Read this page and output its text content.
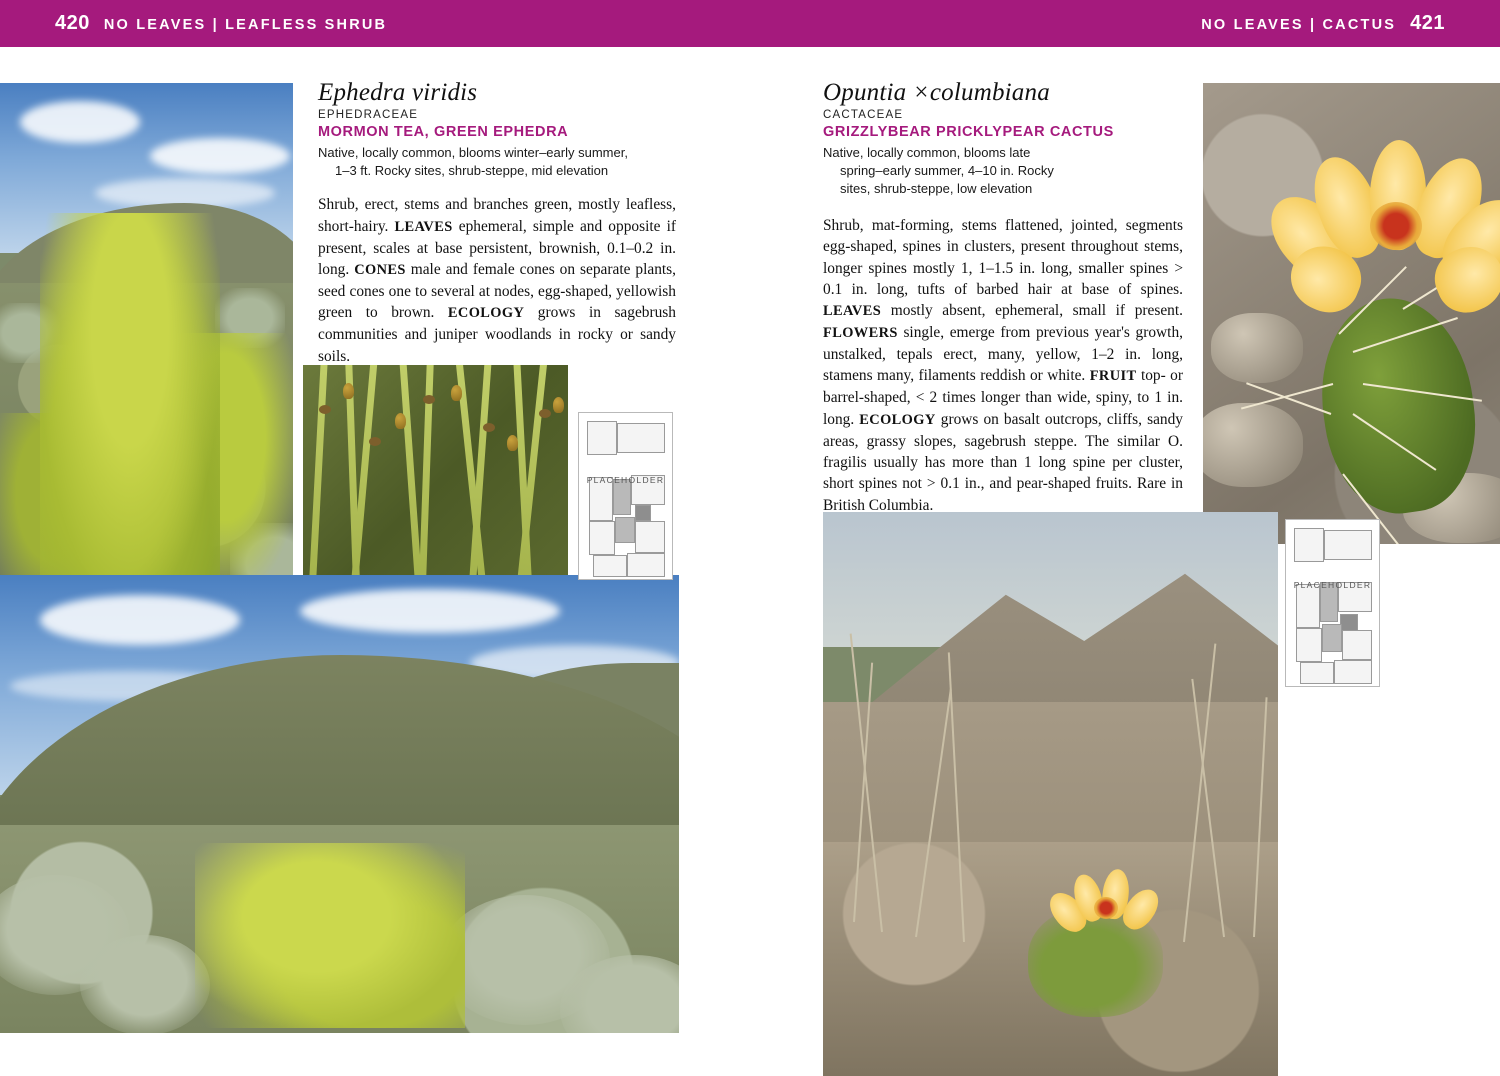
420 NO LEAVES | LEAFLESS SHRUB	NO LEAVES | CACTUS 421
PLACEHOLDER
PLACEHOLDER
Ephedra viridis
EPHEDRACEAE
MORMON TEA, GREEN EPHEDRA
Native, locally common, blooms winter–early summer,
1–3 ft. Rocky sites, shrub-steppe, mid elevation
Shrub, erect, stems and branches green, mostly leafless, short-hairy. LEAVES ephemeral, simple and opposite if present, scales at base persistent, brownish, 0.1–0.2 in. long. CONES male and female cones on separate plants, seed cones one to several at nodes, egg-shaped, yellowish green to brown. ECOLOGY grows in sagebrush communities and juniper woodlands in rocky or sandy soils.
Opuntia ×columbiana
CACTACEAE
GRIZZLYBEAR PRICKLYPEAR CACTUS
Native, locally common, blooms late
spring–early summer, 4–10 in. Rocky
sites, shrub-steppe, low elevation
Shrub, mat-forming, stems flattened, jointed, segments egg-shaped, spines in clusters, present throughout stems, longer spines mostly 1, 1–1.5 in. long, smaller spines > 0.1 in. long, tufts of barbed hair at base of spines. LEAVES mostly absent, ephemeral, small if present. FLOWERS single, emerge from previous year's growth, unstalked, tepals erect, many, yellow, 1–2 in. long, stamens many, filaments reddish or white. FRUIT top- or barrel-shaped, < 2 times longer than wide, spiny, to 1 in. long. ECOLOGY grows on basalt outcrops, cliffs, sandy areas, grassy slopes, sagebrush steppe. The similar O. fragilis usually has more than 1 long spine per cluster, short spines not > 0.1 in., and pear-shaped fruits. Rare in British Columbia.
